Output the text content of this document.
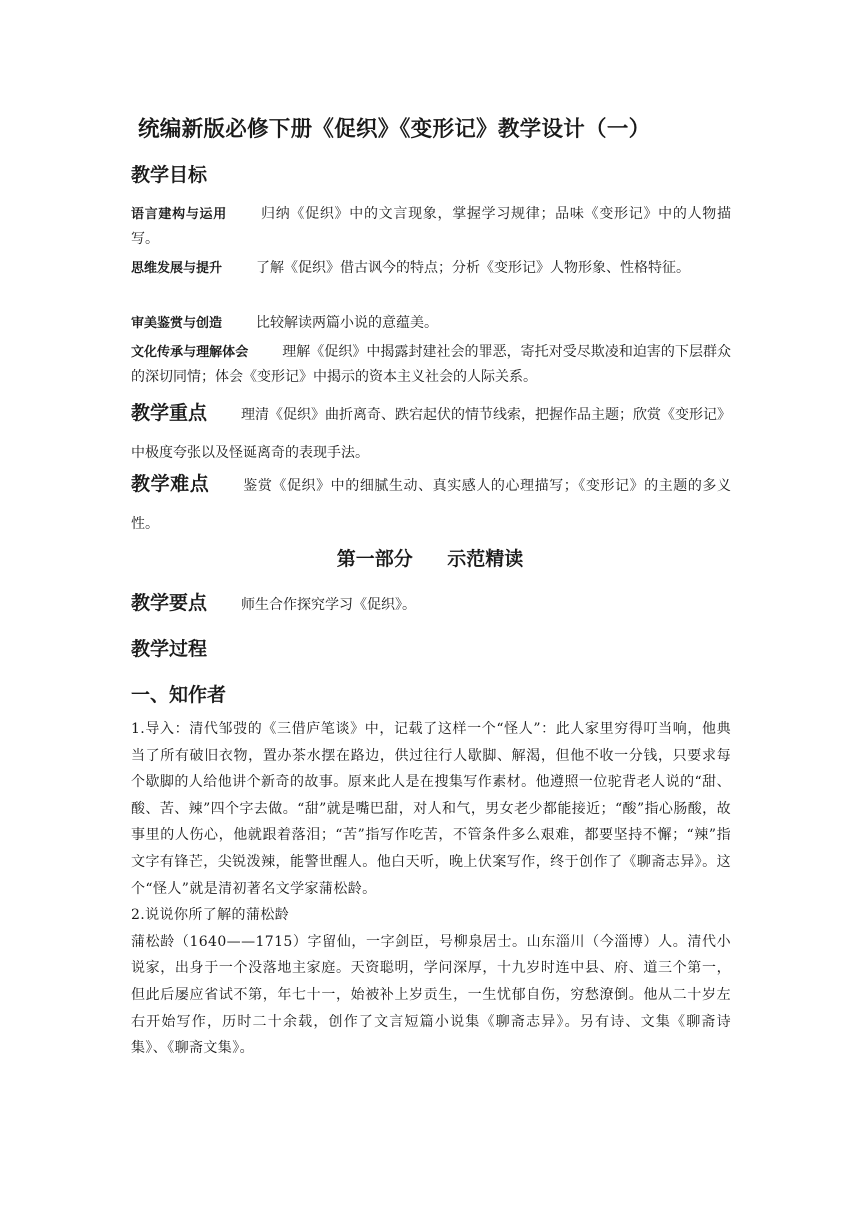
统编新版必修下册《促织》《变形记》教学设计（一）
教学目标
语言建构与运用 归纳《促织》中的文言现象，掌握学习规律；品味《变形记》中的人物描写。
思维发展与提升 了解《促织》借古讽今的特点；分析《变形记》人物形象、性格特征。
审美鉴赏与创造 比较解读两篇小说的意蕴美。
文化传承与理解体会 理解《促织》中揭露封建社会的罪恶，寄托对受尽欺凌和迫害的下层群众的深切同情；体会《变形记》中揭示的资本主义社会的人际关系。
教学重点 理清《促织》曲折离奇、跌宕起伏的情节线索，把握作品主题；欣赏《变形记》中极度夸张以及怪诞离奇的表现手法。
教学难点 鉴赏《促织》中的细腻生动、真实感人的心理描写；《变形记》的主题的多义性。
第一部分 示范精读
教学要点 师生合作探究学习《促织》。
教学过程
一、知作者

1.导入：清代邹弢的《三借庐笔谈》中，记载了这样一个“怪人”：此人家里穷得叮当响，他典当了所有破旧衣物，置办茶水摆在路边，供过往行人歇脚、解渴，但他不收一分钱，只要求每个歇脚的人给他讲个新奇的故事。原来此人是在搜集写作素材。他遵照一位驼背老人说的“甜、酸、苦、辣”四个字去做。“甜”就是嘴巴甜，对人和气，男女老少都能接近；“酸”指心肠酸，故事里的人伤心，他就跟着落泪；“苦”指写作吃苦，不管条件多么艰难，都要坚持不懈；“辣”指文字有锋芒，尖锐泼辣，能警世醒人。他白天听，晚上伏案写作，终于创作了《聊斋志异》。这个“怪人”就是清初著名文学家蒲松龄。

2.说说你所了解的蒲松龄

蒲松龄（1640——1715）字留仙，一字剑臣，号柳泉居士。山东淄川（今淄博）人。清代小说家，出身于一个没落地主家庭。天资聪明，学问深厚，十九岁时连中县、府、道三个第一，但此后屡应省试不第，年七十一，始被补上岁贡生，一生忧郁自伤，穷愁潦倒。他从二十岁左右开始写作，历时二十余载，创作了文言短篇小说集《聊斋志异》。另有诗、文集《聊斋诗集》、《聊斋文集》。
